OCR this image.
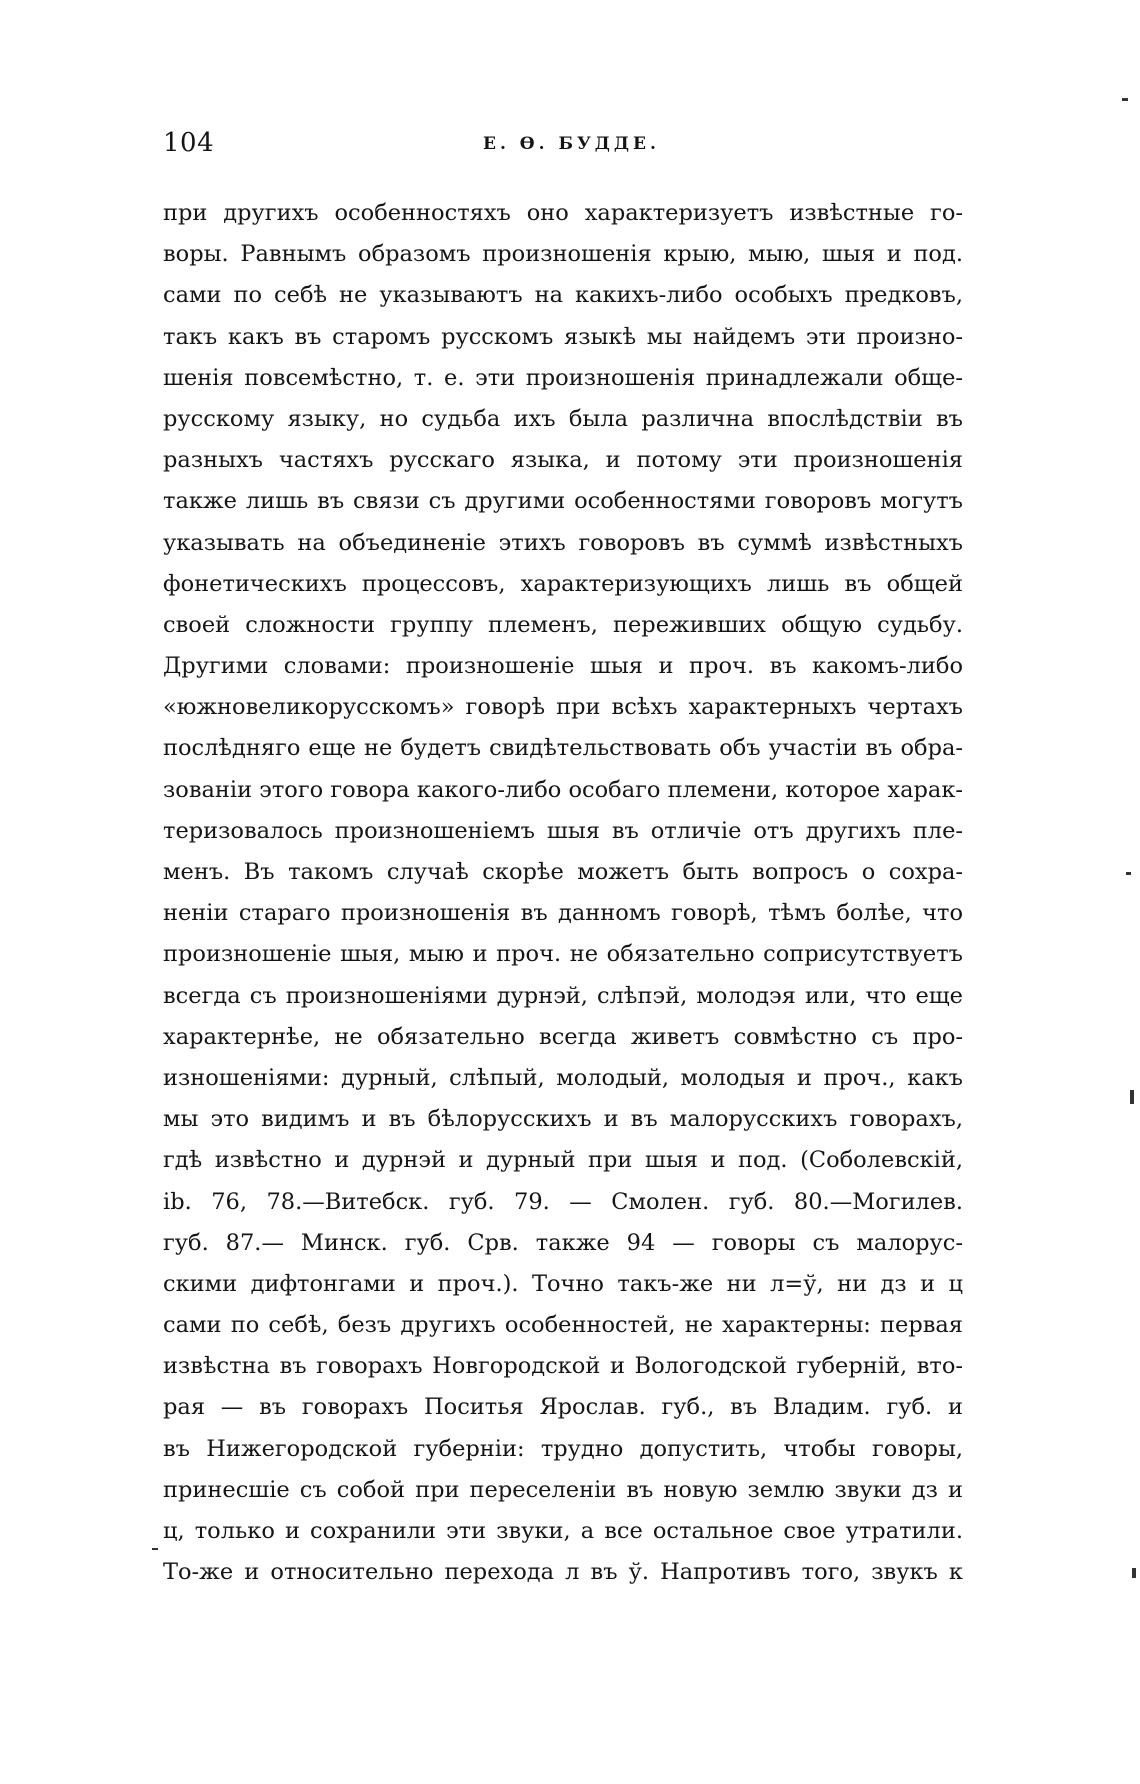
104	Е. Ѳ. БУДДЕ.
при другихъ особенностяхъ оно характеризуетъ извѣстные го-
воры. Равнымъ образомъ произношенія крыю, мыю, шыя и под.
сами по себѣ не указываютъ на какихъ-либо особыхъ предковъ,
такъ какъ въ старомъ русскомъ языкѣ мы найдемъ эти произно-
шенія повсемѣстно, т. е. эти произношенія принадлежали обще-
русскому языку, но судьба ихъ была различна впослѣдствіи въ
разныхъ частяхъ русскаго языка, и потому эти произношенія
также лишь въ связи съ другими особенностями говоровъ могутъ
указывать на объединеніе этихъ говоровъ въ суммѣ извѣстныхъ
фонетическихъ процессовъ, характеризующихъ лишь въ общей
своей сложности группу племенъ, переживших общую судьбу.
Другими словами: произношеніе шыя и проч. въ какомъ-либо
«южновеликорусскомъ» говорѣ при всѣхъ характерныхъ чертахъ
послѣдняго еще не будетъ свидѣтельствовать объ участіи въ обра-
зованіи этого говора какого-либо особаго племени, которое харак-
теризовалось произношеніемъ шыя въ отличіе отъ другихъ пле-
менъ. Въ такомъ случаѣ скорѣе можетъ быть вопросъ о сохра-
неніи стараго произношенія въ данномъ говорѣ, тѣмъ болѣе, что
произношеніе шыя, мыю и проч. не обязательно соприсутствуетъ
всегда съ произношеніями дурнэй, слѣпэй, молодэя или, что еще
характернѣе, не обязательно всегда живетъ совмѣстно съ про-
изношеніями: дурный, слѣпый, молодый, молодыя и проч., какъ
мы это видимъ и въ бѣлорусскихъ и въ малорусскихъ говорахъ,
гдѣ извѣстно и дурнэй и дурный при шыя и под. (Соболевскій,
ib. 76, 78.—Витебск. губ. 79. — Смолен. губ. 80.—Могилев.
губ. 87.— Минск. губ. Срв. также 94 — говоры съ малорус-
скими дифтонгами и проч.). Точно такъ-же ни л=ў, ни дз и ц
сами по себѣ, безъ другихъ особенностей, не характерны: первая
извѣстна въ говорахъ Новгородской и Вологодской губерній, вто-
рая — въ говорахъ Поситья Ярослав. губ., въ Владим. губ. и
въ Нижегородской губерніи: трудно допустить, чтобы говоры,
принесшіе съ собой при переселеніи въ новую землю звуки дз и
ц, только и сохранили эти звуки, а все остальное свое утратили.
То-же и относительно перехода л въ ў. Напротивъ того, звукъ к
